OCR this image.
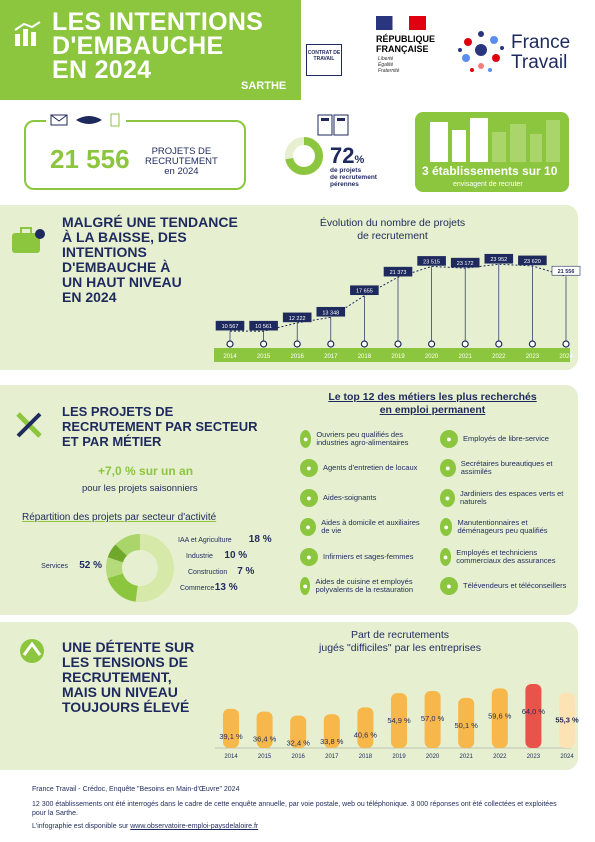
LES INTENTIONS
D'EMBAUCHE
EN 2024
SARTHE
CONTRAT DE TRAVAIL
RÉPUBLIQUE
FRANÇAISE
Liberté
Égalité
Fraternité
France
Travail
21 556	PROJETS DE
RECRUTEMENT
en 2024
72%
de projets
de recrutement
pérennes
3 établissements sur 10
envisagent de recruter
MALGRÉ UNE TENDANCE
À LA BAISSE, DES
INTENTIONS
D'EMBAUCHE À
UN HAUT NIVEAU
EN 2024
Évolution du nombre de projets
de recrutement
10 567
2014
10 561
2015
12 222
2016
13 348
2017
17 655
2018
21 373
2019
23 515
2020
23 172
2021
23 952
2022
23 620
2023
21 556
2024
LES PROJETS DE
RECRUTEMENT PAR SECTEUR
ET PAR MÉTIER
+7,0 % sur un an
pour les projets saisonniers
Répartition des projets par secteur d'activité
Services 52 %
IAA et Agriculture 18 %
Industrie 10 %
Construction 7 %
Commerce 13 %
Le top 12 des métiers les plus recherchés
en emploi permanent
●	Ouvriers peu qualifiés des industries agro-alimentaires
●	Agents d'entretien de locaux
●	Aides-soignants
●	Aides à domicile et auxiliaires de vie
●	Infirmiers et sages-femmes
●	Aides de cuisine et employés polyvalents de la restauration
●	Employés de libre-service
●	Secrétaires bureautiques et assimilés
●	Jardiniers des espaces verts et naturels
●	Manutentionnaires et déménageurs peu qualifiés
●	Employés et techniciens commerciaux des assurances
●	Télévendeurs et téléconseillers
UNE DÉTENTE SUR
LES TENSIONS DE
RECRUTEMENT,
MAIS UN NIVEAU
TOUJOURS ÉLEVÉ
Part de recrutements
jugés "difficiles" par les entreprises
39,1 %
2014
36,4 %
2015
32,4 %
2016
33,8 %
2017
40,6 %
2018
54,9 %
2019
57,0 %
2020
50,1 %
2021
59,6 %
2022
64,0 %
2023
55,3 %
2024
France Travail - Crédoc, Enquête "Besoins en Main-d'Œuvre" 2024
12 300 établissements ont été interrogés dans le cadre de cette enquête annuelle, par voie postale, web ou téléphonique. 3 000 réponses ont été collectées et exploitées pour la Sarthe.
L'infographie est disponible sur www.observatoire-emploi-paysdelaloire.fr
